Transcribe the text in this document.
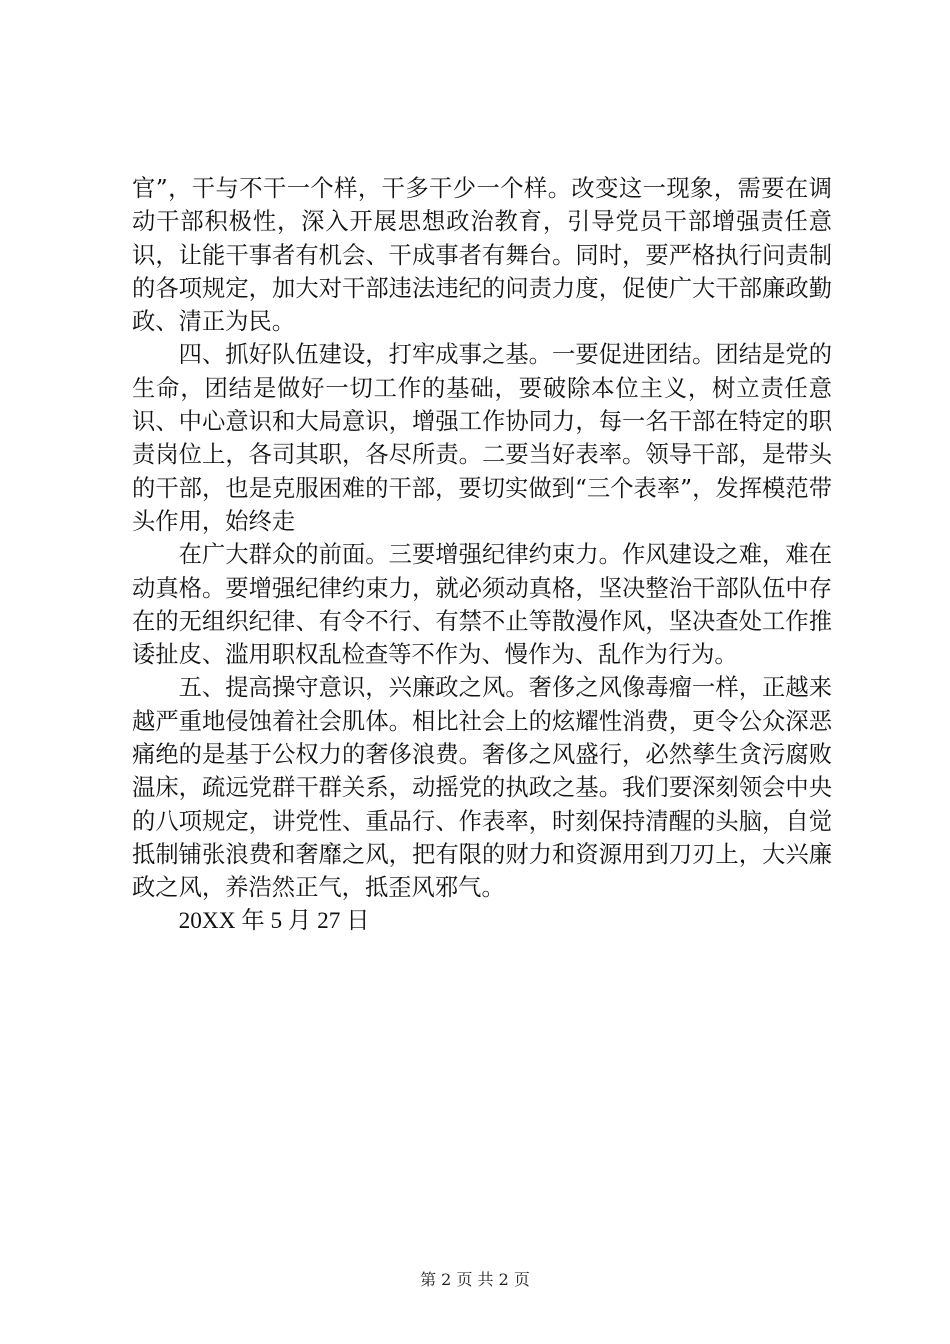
官”，干与不干一个样，干多干少一个样。改变这一现象，需要在调动干部积极性，深入开展思想政治教育，引导党员干部增强责任意识，让能干事者有机会、干成事者有舞台。同时，要严格执行问责制的各项规定，加大对干部违法违纪的问责力度，促使广大干部廉政勤政、清正为民。

四、抓好队伍建设，打牢成事之基。一要促进团结。团结是党的生命，团结是做好一切工作的基础，要破除本位主义，树立责任意识、中心意识和大局意识，增强工作协同力，每一名干部在特定的职责岗位上，各司其职，各尽所责。二要当好表率。领导干部，是带头的干部，也是克服困难的干部，要切实做到“三个表率”，发挥模范带头作用，始终走

在广大群众的前面。三要增强纪律约束力。作风建设之难，难在动真格。要增强纪律约束力，就必须动真格，坚决整治干部队伍中存在的无组织纪律、有令不行、有禁不止等散漫作风，坚决查处工作推诿扯皮、滥用职权乱检查等不作为、慢作为、乱作为行为。

五、提高操守意识，兴廉政之风。奢侈之风像毒瘤一样，正越来越严重地侵蚀着社会肌体。相比社会上的炫耀性消费，更令公众深恶痛绝的是基于公权力的奢侈浪费。奢侈之风盛行，必然孳生贪污腐败温床，疏远党群干群关系，动摇党的执政之基。我们要深刻领会中央的八项规定，讲党性、重品行、作表率，时刻保持清醒的头脑，自觉抵制铺张浪费和奢靡之风，把有限的财力和资源用到刀刃上，大兴廉政之风，养浩然正气，抵歪风邪气。

20XX 年 5 月 27 日

第 2 页 共 2 页
